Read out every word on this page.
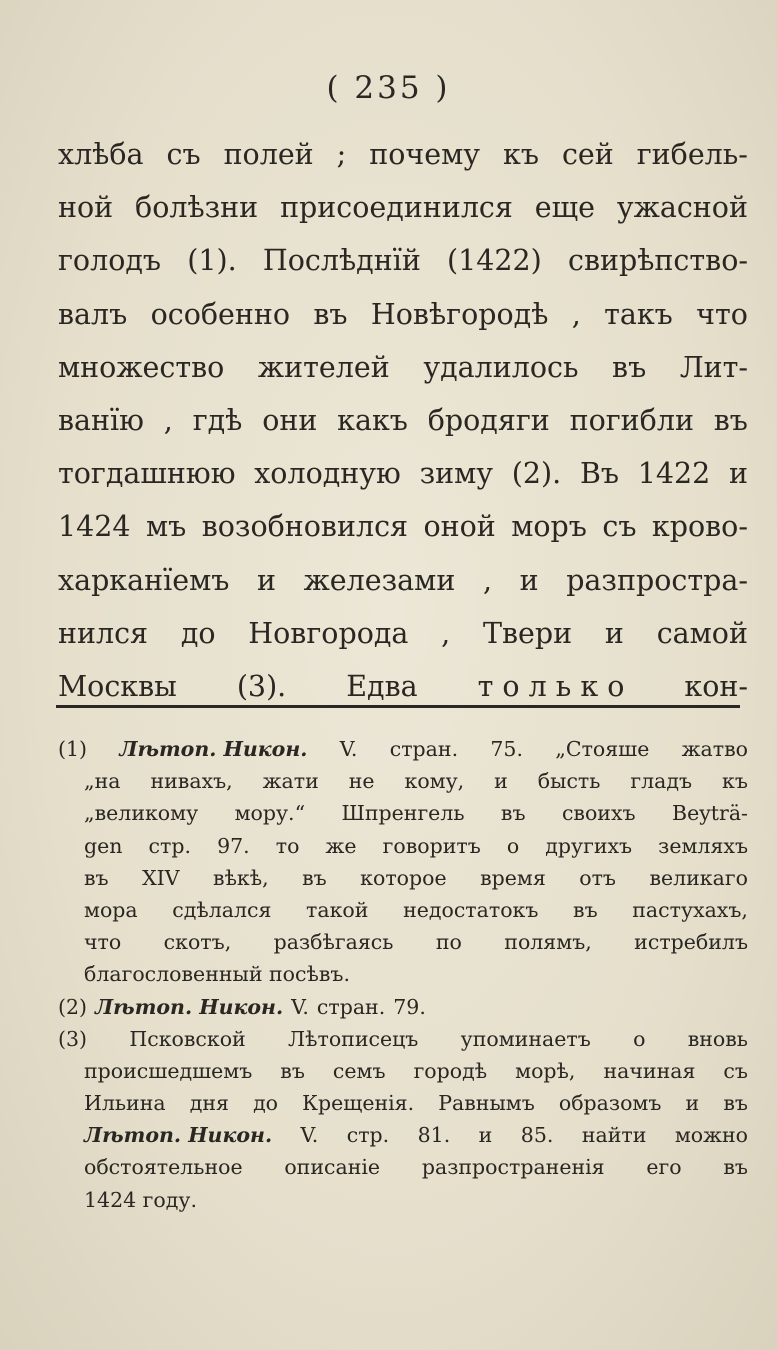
( 235 )
хлѣба съ полей ; почему къ сей гибель-
ной болѣзни присоединился еще ужасной
голодъ (1). Послѣднїй (1422) свирѣпство-
валъ особенно въ Новѣгородѣ , такъ что
множество жителей удалилось въ Лит-
ванїю , гдѣ они какъ бродяги погибли въ
тогдашнюю холодную зиму (2). Въ 1422 и
1424 мъ возобновился оной моръ съ крово-
харканїемъ и железами , и разпростра-
нился до Новгорода , Твери и самой
Москвы (3). Едва т о л ь к о кон-
(1) Лѣтоп. Никон. V. стран. 75. „Стояше жатво
„на нивахъ, жати не кому, и бысть гладъ къ
„великому мору.“ Шпренгель въ своихъ Beyträ-
gen стр. 97. то же говоритъ о другихъ земляхъ
въ XIV вѣкѣ, въ которое время отъ великаго
мора сдѣлался такой недостатокъ въ пастухахъ,
что скотъ, разбѣгаясь по полямъ, истребилъ
благословенный посѣвъ.
(2) Лѣтоп. Никон. V. стран. 79.
(3) Псковской Лѣтописецъ упоминаетъ о вновь
происшедшемъ въ семъ городѣ морѣ, начиная съ
Ильина дня до Крещенія. Равнымъ образомъ и въ
Лѣтоп. Никон. V. стр. 81. и 85. найти можно
обстоятельное описаніе разпространенія его въ
1424 году.
